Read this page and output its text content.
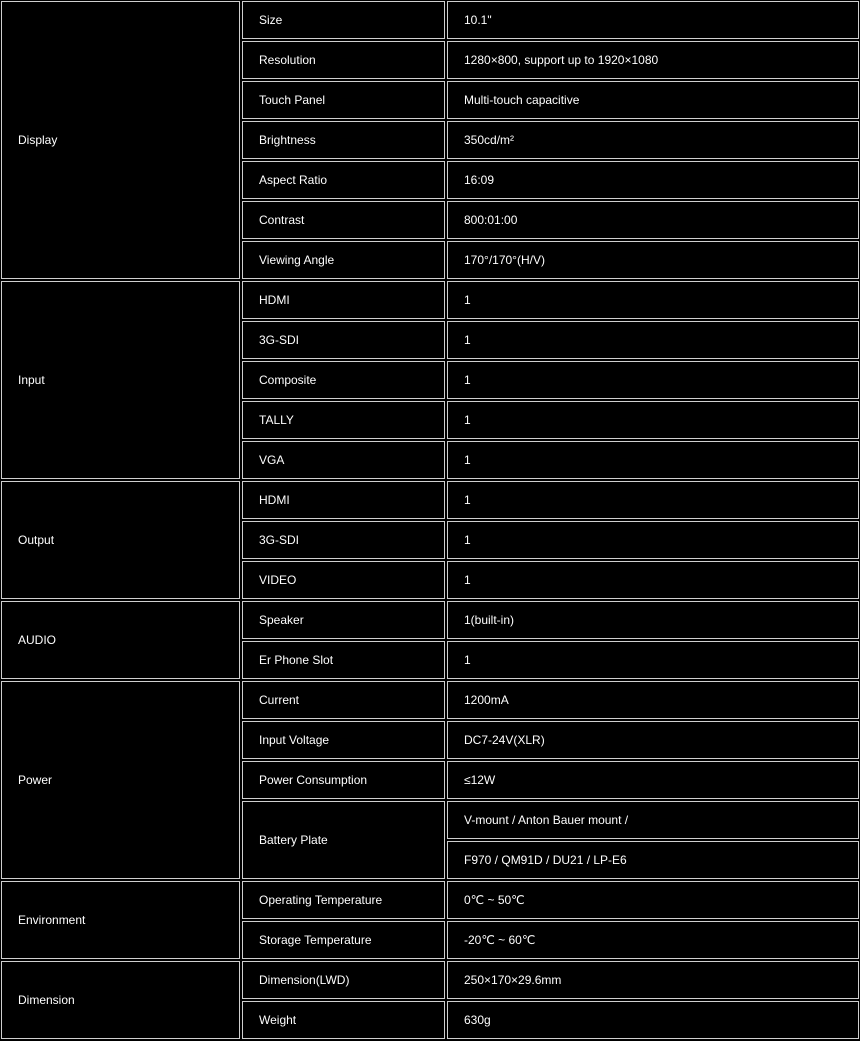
Display	Size	10.1"
	Resolution	1280×800, support up to 1920×1080
	Touch Panel	Multi-touch capacitive
	Brightness	350cd/m²
	Aspect Ratio	16:09
	Contrast	800:01:00
	Viewing Angle	170°/170°(H/V)
Input	HDMI	1
	3G-SDI	1
	Composite	1
	TALLY	1
	VGA	1
Output	HDMI	1
	3G-SDI	1
	VIDEO	1
AUDIO	Speaker	1(built-in)
	Er Phone Slot	1
Power	Current	1200mA
	Input Voltage	DC7-24V(XLR)
	Power Consumption	≤12W
	Battery Plate	V-mount / Anton Bauer mount /
		F970 / QM91D / DU21 / LP-E6
Environment	Operating Temperature	0℃ ~ 50℃
	Storage Temperature	-20℃ ~ 60℃
Dimension	Dimension(LWD)	250×170×29.6mm
	Weight	630g
